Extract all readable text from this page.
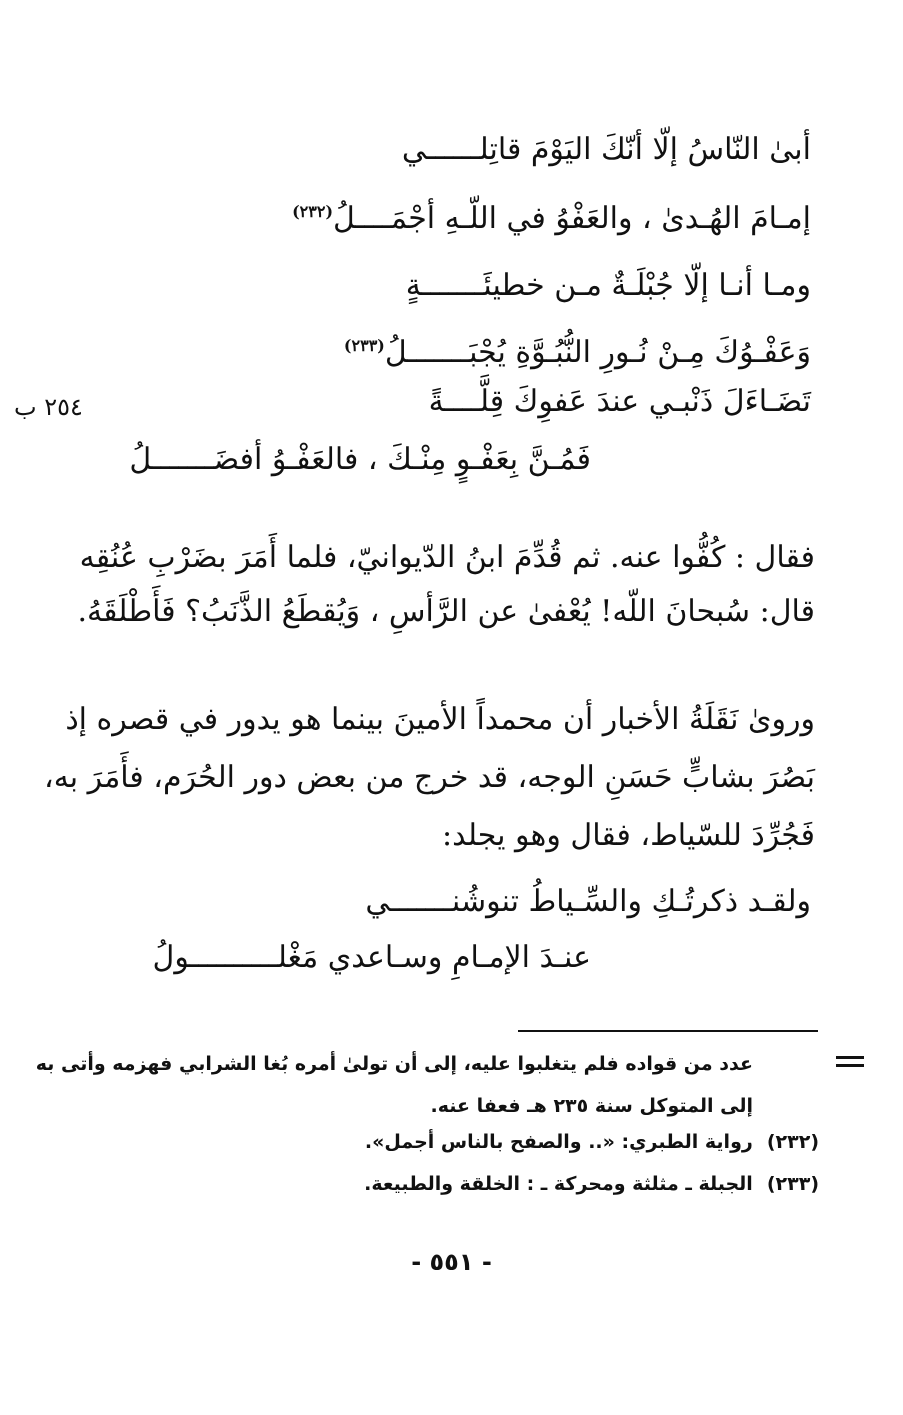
٢٥٤ ب
أبىٰ النّاسُ إلّا أنّكَ اليَوْمَ قاتِلــــــي
إمـامَ الهُـدىٰ ، والعَفْوُ في اللّـهِ أجْمَــــلُ$^{(٢٣٢)}$
ومـا أنـا إلّا جُبْلَـةٌ مـن خطيئَـــــــةٍ
وَعَفْـوُكَ مِـنْ نُـورِ النُّبُـوَّةِ يُجْبَـــــــلُ$^{(٢٣٣)}$
تَضَـاءَلَ ذَنْبـي عندَ عَفوِكَ قِلَّــــةً
فَمُـنَّ بِعَفْـوٍ مِنْـكَ ، فالعَفْـوُ أفضَـــــــلُ
فقال : كُفُّوا عنه. ثم قُدِّمَ ابنُ الدّيوانيّ، فلما أَمَرَ بضَرْبِ عُنُقِه
قال: سُبحانَ اللّه! يُعْفىٰ عن الرَّأسِ ، وَيُقطَعُ الذَّنَبُ؟ فَأَطْلَقَهُ.
وروىٰ نَقَلَةُ الأخبار أن محمداً الأمينَ بينما هو يدور في قصره إذ
بَصُرَ بشابٍّ حَسَنِ الوجه، قد خرج من بعض دور الحُرَم، فأَمَرَ به،
فَجُرِّدَ للسّياط، فقال وهو يجلد:
ولقـد ذكرتُـكِ والسِّـياطُ تنوشُنـــــــي
عنـدَ الإمـامِ وسـاعدي مَغْلــــــــــولُ
عدد من قواده فلم يتغلبوا عليه، إلى أن تولىٰ أمره بُغا الشرابي فهزمه وأتى به
إلى المتوكل سنة ٢٣٥ هـ فعفا عنه.
(٢٣٢)رواية الطبري: «.. والصفح بالناس أجمل».
(٢٣٣)الجبلة ـ مثلثة ومحركة ـ : الخلقة والطبيعة.
- ٥٥١ -
